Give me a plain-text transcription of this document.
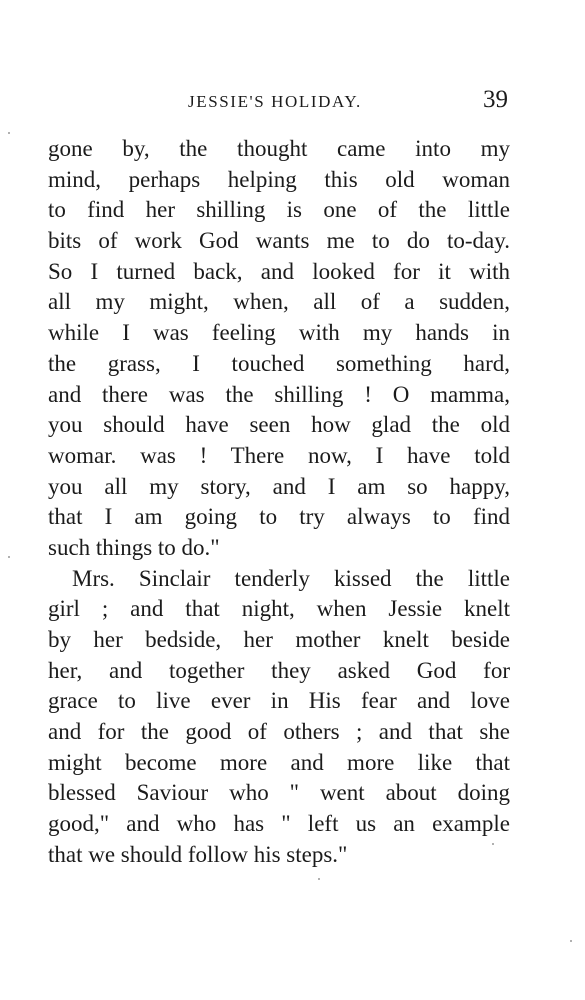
JESSIE'S HOLIDAY.	39
gone by, the thought came into my
mind, perhaps helping this old woman
to find her shilling is one of the little
bits of work God wants me to do to-day.
So I turned back, and looked for it with
all my might, when, all of a sudden,
while I was feeling with my hands in
the grass, I touched something hard,
and there was the shilling ! O mamma,
you should have seen how glad the old
womar. was ! There now, I have told
you all my story, and I am so happy,
that I am going to try always to find
such things to do."
Mrs. Sinclair tenderly kissed the little
girl ; and that night, when Jessie knelt
by her bedside, her mother knelt beside
her, and together they asked God for
grace to live ever in His fear and love
and for the good of others ; and that she
might become more and more like that
blessed Saviour who " went about doing
good," and who has " left us an example
that we should follow his steps."
